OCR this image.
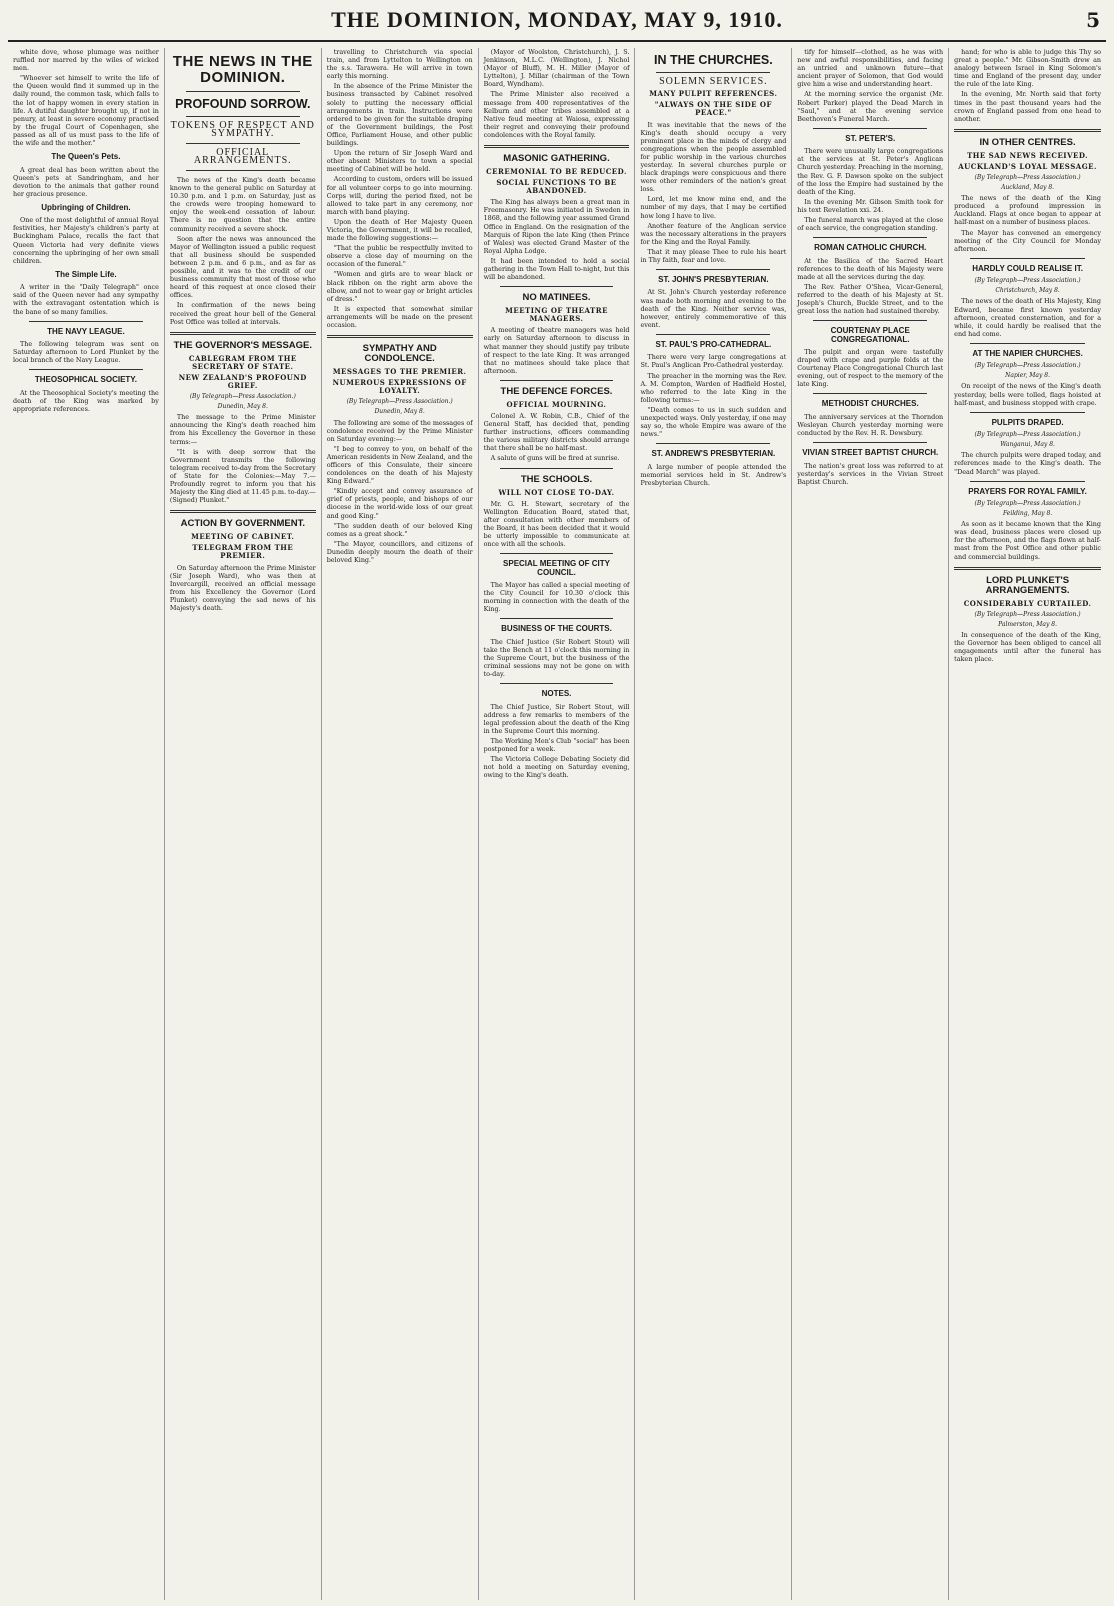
THE DOMINION, MONDAY, MAY 9, 1910.	5

white dove, whose plumage was neither ruffled nor marred by the wiles of wicked men.

"Whoever set himself to write the life of the Queen would find it summed up in the daily round, the common task, which falls to the lot of happy women in every station in life. A dutiful daughter brought up, if not in penury, at least in severe economy practised by the frugal Court of Copenhagen, she passed as all of us must pass to the life of the wife and the mother."

The Queen's Pets.

A great deal has been written about the Queen's pets at Sandringham, and her devotion to the animals that gather round her gracious presence.

Upbringing of Children.

One of the most delightful of annual Royal festivities, her Majesty's children's party at Buckingham Palace, recalls the fact that Queen Victoria had very definite views concerning the upbringing of her own small children.

The Simple Life.

A writer in the "Daily Telegraph" once said of the Queen never had any sympathy with the extravagant ostentation which is the bane of so many families.

THE NAVY LEAGUE.

The following telegram was sent on Saturday afternoon to Lord Plunket by the local branch of the Navy League.

THEOSOPHICAL SOCIETY.

At the Theosophical Society's meeting the death of the King was marked by appropriate references.

THE NEWS IN THE DOMINION.
PROFOUND SORROW.
TOKENS OF RESPECT AND SYMPATHY.
OFFICIAL ARRANGEMENTS.

The news of the King's death became known to the general public on Saturday at 10.30 p.m. and 1 p.m. on Saturday, just as the crowds were trooping homeward to enjoy the week-end cessation of labour. There is no question that the entire community received a severe shock.

Soon after the news was announced the Mayor of Wellington issued a public request that all business should be suspended between 2 p.m. and 6 p.m., and as far as possible, and it was to the credit of our business community that most of those who heard of this request at once closed their offices.

In confirmation of the news being received the great hour bell of the General Post Office was tolled at intervals.

THE GOVERNOR'S MESSAGE.
CABLEGRAM FROM THE SECRETARY OF STATE.
NEW ZEALAND'S PROFOUND GRIEF.
(By Telegraph—Press Association.)
Dunedin, May 8.

The message to the Prime Minister announcing the King's death reached him from his Excellency the Governor in these terms:—

"It is with deep sorrow that the Government transmits the following telegram received to-day from the Secretary of State for the Colonies:—May 7.—Profoundly regret to inform you that his Majesty the King died at 11.45 p.m. to-day.—(Signed) Plunket."

ACTION BY GOVERNMENT.
MEETING OF CABINET.
TELEGRAM FROM THE PREMIER.

On Saturday afternoon the Prime Minister (Sir Joseph Ward), who was then at Invercargill, received an official message from his Excellency the Governor (Lord Plunket) conveying the sad news of his Majesty's death.

travelling to Christchurch via special train, and from Lyttelton to Wellington on the s.s. Tarawera. He will arrive in town early this morning.

In the absence of the Prime Minister the business transacted by Cabinet resolved solely to putting the necessary official arrangements in train. Instructions were ordered to be given for the suitable draping of the Government buildings, the Post Office, Parliament House, and other public buildings.

Upon the return of Sir Joseph Ward and other absent Ministers to town a special meeting of Cabinet will be held.

According to custom, orders will be issued for all volunteer corps to go into mourning. Corps will, during the period fixed, not be allowed to take part in any ceremony, nor march with band playing.

Upon the death of Her Majesty Queen Victoria, the Government, it will be recalled, made the following suggestions:—

"That the public be respectfully invited to observe a close day of mourning on the occasion of the funeral."

"Women and girls are to wear black or black ribbon on the right arm above the elbow, and not to wear gay or bright articles of dress."

It is expected that somewhat similar arrangements will be made on the present occasion.

SYMPATHY AND CONDOLENCE.
MESSAGES TO THE PREMIER.
NUMEROUS EXPRESSIONS OF LOYALTY.
(By Telegraph—Press Association.)
Dunedin, May 8.

The following are some of the messages of condolence received by the Prime Minister on Saturday evening:—

"I beg to convey to you, on behalf of the American residents in New Zealand, and the officers of this Consulate, their sincere condolences on the death of his Majesty King Edward."

"Kindly accept and convey assurance of grief of priests, people, and bishops of our diocese in the world-wide loss of our great and good King."

"The sudden death of our beloved King comes as a great shock."

"The Mayor, councillors, and citizens of Dunedin deeply mourn the death of their beloved King."

(Mayor of Woolston, Christchurch), J. S. Jenkinson, M.L.C. (Wellington), J. Nichol (Mayor of Bluff), M. H. Miller (Mayor of Lyttelton), J. Millar (chairman of the Town Board, Wyndham).

The Prime Minister also received a message from 400 representatives of the Kelburn and other tribes assembled at a Native feud meeting at Waiosa, expressing their regret and conveying their profound condolences with the Royal family.

MASONIC GATHERING.
CEREMONIAL TO BE REDUCED.
SOCIAL FUNCTIONS TO BE ABANDONED.

The King has always been a great man in Freemasonry. He was initiated in Sweden in 1868, and the following year assumed Grand Office in England. On the resignation of the Marquis of Ripon the late King (then Prince of Wales) was elected Grand Master of the Royal Alpha Lodge.

It had been intended to hold a social gathering in the Town Hall to-night, but this will be abandoned.

NO MATINEES.
MEETING OF THEATRE MANAGERS.

A meeting of theatre managers was held early on Saturday afternoon to discuss in what manner they should justify pay tribute of respect to the late King. It was arranged that no matinees should take place that afternoon.

THE DEFENCE FORCES.
OFFICIAL MOURNING.

Colonel A. W. Robin, C.B., Chief of the General Staff, has decided that, pending further instructions, officers commanding the various military districts should arrange that there shall be no half-mast.

A salute of guns will be fired at sunrise.

THE SCHOOLS.
WILL NOT CLOSE TO-DAY.

Mr. G. H. Stewart, secretary of the Wellington Education Board, stated that, after consultation with other members of the Board, it has been decided that it would be utterly impossible to communicate at once with all the schools.

SPECIAL MEETING OF CITY COUNCIL.

The Mayor has called a special meeting of the City Council for 10.30 o'clock this morning in connection with the death of the King.

BUSINESS OF THE COURTS.

The Chief Justice (Sir Robert Stout) will take the Bench at 11 o'clock this morning in the Supreme Court, but the business of the criminal sessions may not be gone on with to-day.

NOTES.

The Chief Justice, Sir Robert Stout, will address a few remarks to members of the legal profession about the death of the King in the Supreme Court this morning.

The Working Men's Club "social" has been postponed for a week.

The Victoria College Debating Society did not hold a meeting on Saturday evening, owing to the King's death.

IN THE CHURCHES.
SOLEMN SERVICES.
MANY PULPIT REFERENCES.
"ALWAYS ON THE SIDE OF PEACE."

It was inevitable that the news of the King's death should occupy a very prominent place in the minds of clergy and congregations when the people assembled for public worship in the various churches yesterday. In several churches purple or black drapings were conspicuous and there were other reminders of the nation's great loss.

Lord, let me know mine end, and the number of my days, that I may be certified how long I have to live.

Another feature of the Anglican service was the necessary alterations in the prayers for the King and the Royal Family.

That it may please Thee to rule his heart in Thy faith, fear and love.

ST. JOHN'S PRESBYTERIAN.

At St. John's Church yesterday reference was made both morning and evening to the death of the King. Neither service was, however, entirely commemorative of this event.

ST. PAUL'S PRO-CATHEDRAL.

There were very large congregations at St. Paul's Anglican Pro-Cathedral yesterday.

The preacher in the morning was the Rev. A. M. Compton, Warden of Hadfield Hostel, who referred to the late King in the following terms:—

"Death comes to us in such sudden and unexpected ways. Only yesterday, if one may say so, the whole Empire was aware of the news."

ST. ANDREW'S PRESBYTERIAN.

A large number of people attended the memorial services held in St. Andrew's Presbyterian Church.

tify for himself—clothed, as he was with new and awful responsibilities, and facing an untried and unknown future—that ancient prayer of Solomon, that God would give him a wise and understanding heart.

At the morning service the organist (Mr. Robert Parker) played the Dead March in "Saul," and at the evening service Beethoven's Funeral March.

ST. PETER'S.

There were unusually large congregations at the services at St. Peter's Anglican Church yesterday. Preaching in the morning, the Rev. G. F. Dawson spoke on the subject of the loss the Empire had sustained by the death of the King.

In the evening Mr. Gibson Smith took for his text Revelation xxi. 24.

The funeral march was played at the close of each service, the congregation standing.

ROMAN CATHOLIC CHURCH.

At the Basilica of the Sacred Heart references to the death of his Majesty were made at all the services during the day.

The Rev. Father O'Shea, Vicar-General, referred to the death of his Majesty at St. Joseph's Church, Buckle Street, and to the great loss the nation had sustained thereby.

COURTENAY PLACE CONGREGATIONAL.

The pulpit and organ were tastefully draped with crape and purple folds at the Courtenay Place Congregational Church last evening, out of respect to the memory of the late King.

METHODIST CHURCHES.

The anniversary services at the Thorndon Wesleyan Church yesterday morning were conducted by the Rev. H. R. Dewsbury.

VIVIAN STREET BAPTIST CHURCH.

The nation's great loss was referred to at yesterday's services in the Vivian Street Baptist Church.

hand; for who is able to judge this Thy so great a people." Mr. Gibson-Smith drew an analogy between Israel in King Solomon's time and England of the present day, under the rule of the late King.

In the evening, Mr. North said that forty times in the past thousand years had the crown of England passed from one head to another.

IN OTHER CENTRES.
THE SAD NEWS RECEIVED.
AUCKLAND'S LOYAL MESSAGE.
(By Telegraph—Press Association.)
Auckland, May 8.

The news of the death of the King produced a profound impression in Auckland. Flags at once began to appear at half-mast on a number of business places.

The Mayor has convened an emergency meeting of the City Council for Monday afternoon.

HARDLY COULD REALISE IT.
(By Telegraph—Press Association.)
Christchurch, May 8.

The news of the death of His Majesty, King Edward, became first known yesterday afternoon, created consternation, and for a while, it could hardly be realised that the end had come.

AT THE NAPIER CHURCHES.
(By Telegraph—Press Association.)
Napier, May 8.

On receipt of the news of the King's death yesterday, bells were tolled, flags hoisted at half-mast, and business stopped with crape.

PULPITS DRAPED.
(By Telegraph—Press Association.)
Wanganui, May 8.

The church pulpits were draped today, and references made to the King's death. The "Dead March" was played.

PRAYERS FOR ROYAL FAMILY.
(By Telegraph—Press Association.)
Feilding, May 8.

As soon as it became known that the King was dead, business places were closed up for the afternoon, and the flags flown at half-mast from the Post Office and other public and commercial buildings.

LORD PLUNKET'S ARRANGEMENTS.
CONSIDERABLY CURTAILED.
(By Telegraph—Press Association.)
Palmerston, May 8.

In consequence of the death of the King, the Governor has been obliged to cancel all engagements until after the funeral has taken place.
